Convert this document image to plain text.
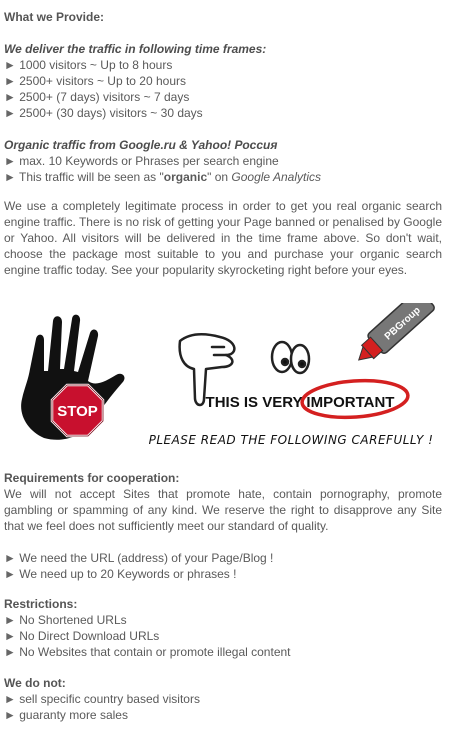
What we Provide:
We deliver the traffic in following time frames:
► 1000 visitors ~ Up to 8 hours
► 2500+ visitors ~ Up to 20 hours
► 2500+ (7 days) visitors ~ 7 days
► 2500+ (30 days) visitors ~ 30 days
Organic traffic from Google.ru & Yahoo! Россия
► max. 10 Keywords or Phrases per search engine
► This traffic will be seen as "organic" on Google Analytics
We use a completely legitimate process in order to get you real organic search engine traffic. There is no risk of getting your Page banned or penalised by Google or Yahoo. All visitors will be delivered in the time frame above. So don't wait, choose the package most suitable to you and purchase your organic search engine traffic today. See your popularity skyrocketing right before your eyes.
STOP
PBGroup
THIS IS VERY IMPORTANT
PLEASE READ THE FOLLOWING CAREFULLY !
Requirements for cooperation:
We will not accept Sites that promote hate, contain pornography, promote gambling or spamming of any kind. We reserve the right to disapprove any Site that we feel does not sufficiently meet our standard of quality.
► We need the URL (address) of your Page/Blog !
► We need up to 20 Keywords or phrases !
Restrictions:
► No Shortened URLs
► No Direct Download URLs
► No Websites that contain or promote illegal content
We do not:
► sell specific country based visitors
► guaranty more sales
